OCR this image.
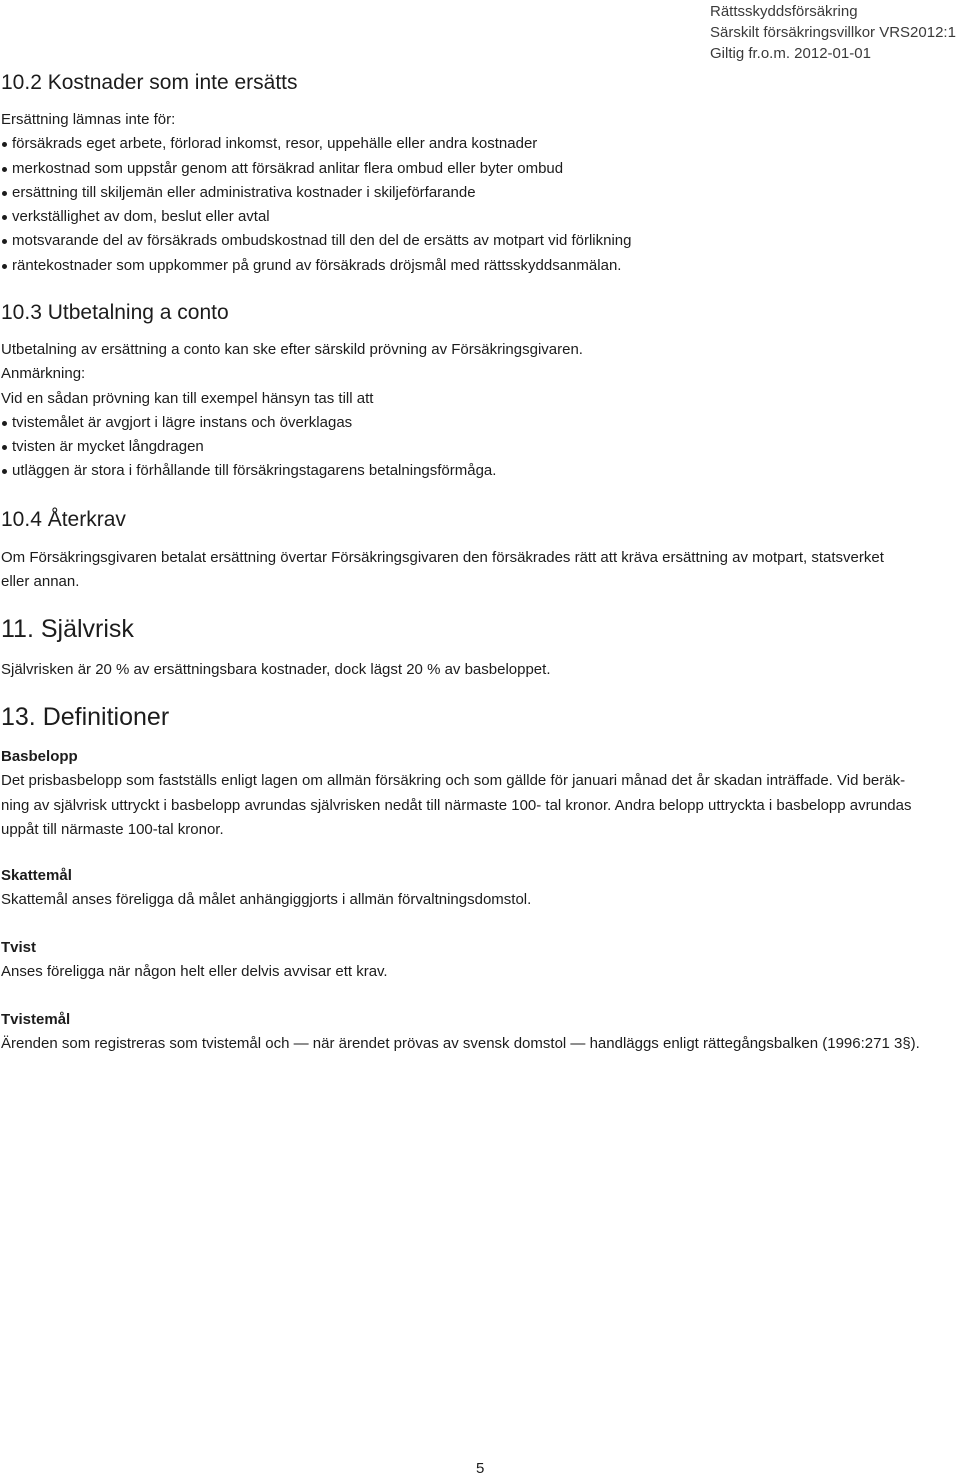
Rättsskyddsförsäkring
Särskilt försäkringsvillkor VRS2012:1
Giltig fr.o.m. 2012-01-01
10.2 Kostnader som inte ersätts
Ersättning lämnas inte för:
försäkrads eget arbete, förlorad inkomst, resor, uppehälle eller andra kostnader
merkostnad som uppstår genom att försäkrad anlitar flera ombud eller byter ombud
ersättning till skiljemän eller administrativa kostnader i skiljeförfarande
verkställighet av dom, beslut eller avtal
motsvarande del av försäkrads ombudskostnad till den del de ersätts av motpart vid förlikning
räntekostnader som uppkommer på grund av försäkrads dröjsmål med rättsskyddsanmälan.
10.3 Utbetalning a conto
Utbetalning av ersättning a conto kan ske efter särskild prövning av Försäkringsgivaren.
Anmärkning:
Vid en sådan prövning kan till exempel hänsyn tas till att
tvistemålet är avgjort i lägre instans och överklagas
tvisten är mycket långdragen
utläggen är stora i förhållande till försäkringstagarens betalningsförmåga.
10.4 Återkrav
Om Försäkringsgivaren betalat ersättning övertar Försäkringsgivaren den försäkrades rätt att kräva ersättning av motpart, statsverket
eller annan.
11. Självrisk
Självrisken är 20 % av ersättningsbara kostnader, dock lägst 20 % av basbeloppet.
13. Definitioner
Basbelopp
Det prisbasbelopp som fastställs enligt lagen om allmän försäkring och som gällde för januari månad det år skadan inträffade. Vid beräk-
ning av självrisk uttryckt i basbelopp avrundas självrisken nedåt till närmaste 100- tal kronor. Andra belopp uttryckta i basbelopp avrundas
uppåt till närmaste 100-tal kronor.
Skattemål
Skattemål anses föreligga då målet anhängiggjorts i allmän förvaltningsdomstol.
Tvist
Anses föreligga när någon helt eller delvis avvisar ett krav.
Tvistemål
Ärenden som registreras som tvistemål och — när ärendet prövas av svensk domstol — handläggs enligt rättegångsbalken (1996:271 3§).
5
